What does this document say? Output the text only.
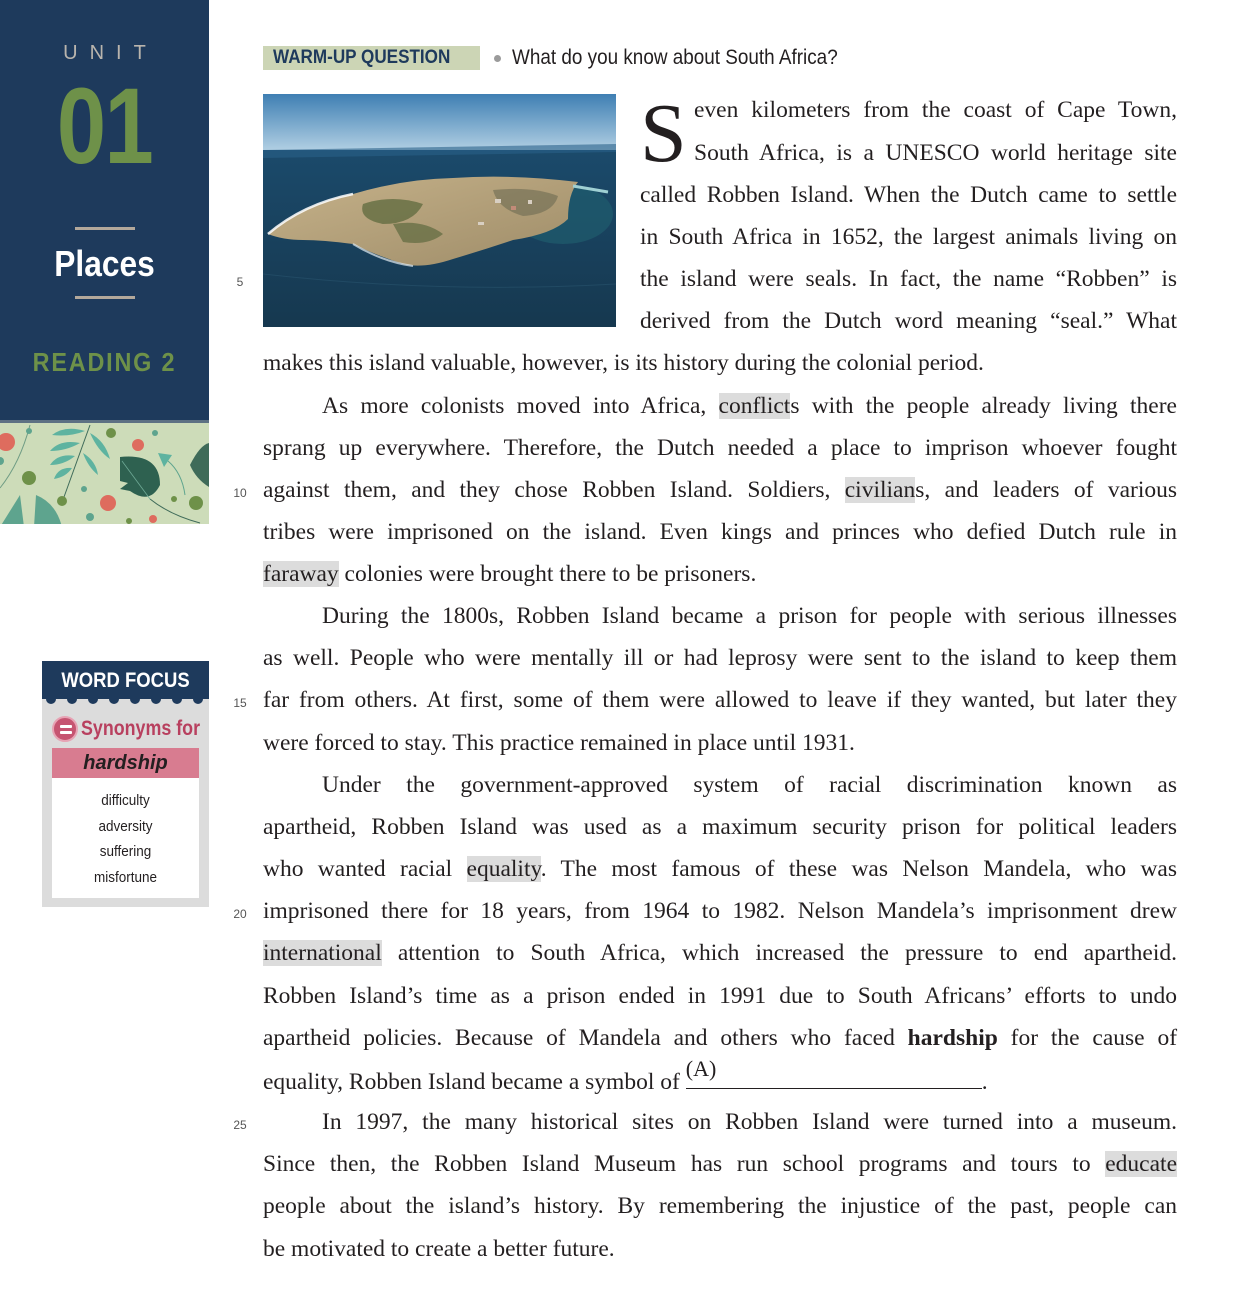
UNIT
01
Places
READING 2
WORD FOCUS
Synonyms for
hardship
difficulty
adversity
suffering
misfortune
WARM-UP QUESTION	What do you know about South Africa?
S even kilometers from the coast of Cape Town,
South Africa, is a UNESCO world heritage site
called Robben Island. When the Dutch came to settle
in South Africa in 1652, the largest animals living on
the island were seals. In fact, the name “Robben” is
derived from the Dutch word meaning “seal.” What
makes this island valuable, however, is its history during the colonial period.
As more colonists moved into Africa, conflicts with the people already living there
sprang up everywhere. Therefore, the Dutch needed a place to imprison whoever fought
against them, and they chose Robben Island. Soldiers, civilians, and leaders of various
tribes were imprisoned on the island. Even kings and princes who defied Dutch rule in
faraway colonies were brought there to be prisoners.
During the 1800s, Robben Island became a prison for people with serious illnesses
as well. People who were mentally ill or had leprosy were sent to the island to keep them
far from others. At first, some of them were allowed to leave if they wanted, but later they
were forced to stay. This practice remained in place until 1931.
Under the government-approved system of racial discrimination known as
apartheid, Robben Island was used as a maximum security prison for political leaders
who wanted racial equality. The most famous of these was Nelson Mandela, who was
imprisoned there for 18 years, from 1964 to 1982. Nelson Mandela’s imprisonment drew
international attention to South Africa, which increased the pressure to end apartheid.
Robben Island’s time as a prison ended in 1991 due to South Africans’ efforts to undo
apartheid policies. Because of Mandela and others who faced hardship for the cause of
equality, Robben Island became a symbol of
(A)
.
In 1997, the many historical sites on Robben Island were turned into a museum.
Since then, the Robben Island Museum has run school programs and tours to educate
people about the island’s history. By remembering the injustice of the past, people can
be motivated to create a better future.
5
10
15
20
25
